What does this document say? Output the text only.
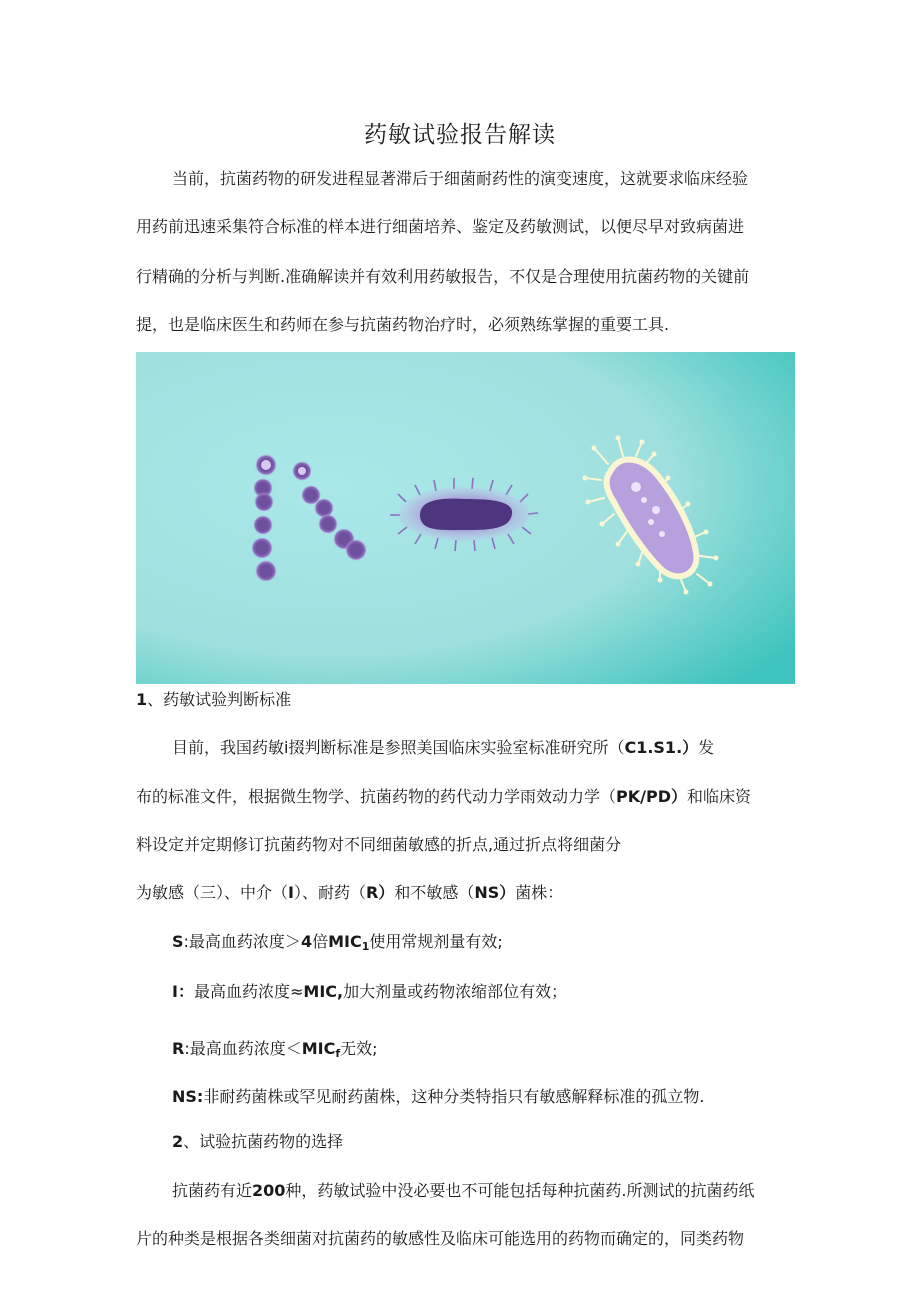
药敏试验报告解读
当前，抗菌药物的研发进程显著滞后于细菌耐药性的演变速度，这就要求临床经验
用药前迅速采集符合标准的样本进行细菌培养、鉴定及药敏测试，以便尽早对致病菌进
行精确的分析与判断.准确解读并有效利用药敏报告，不仅是合理使用抗菌药物的关键前
提，也是临床医生和药师在参与抗菌药物治疗时，必须熟练掌握的重要工具.
1、药敏试验判断标准
目前，我国药敏i掇判断标准是参照美国临床实验室标准研究所（C1.S1.）发
布的标准文件，根据微生物学、抗菌药物的药代动力学雨效动力学（PK/PD）和临床资
料设定并定期修订抗菌药物对不同细菌敏感的折点,通过折点将细菌分
为敏感（三）、中介（I）、耐药（R）和不敏感（NS）菌株：
S:最高血药浓度＞4倍$MIC_1$使用常规剂量有效;
I：最高血药浓度≈MIC,加大剂量或药物浓缩部位有效；
R:最高血药浓度$<MIC_f$无效;
NS:非耐药菌株或罕见耐药菌株，这种分类特指只有敏感解释标准的孤立物.
2、试验抗菌药物的选择
抗菌药有近200种，药敏试验中没必要也不可能包括每种抗菌药.所测试的抗菌药纸
片的种类是根据各类细菌对抗菌药的敏感性及临床可能选用的药物而确定的，同类药物
